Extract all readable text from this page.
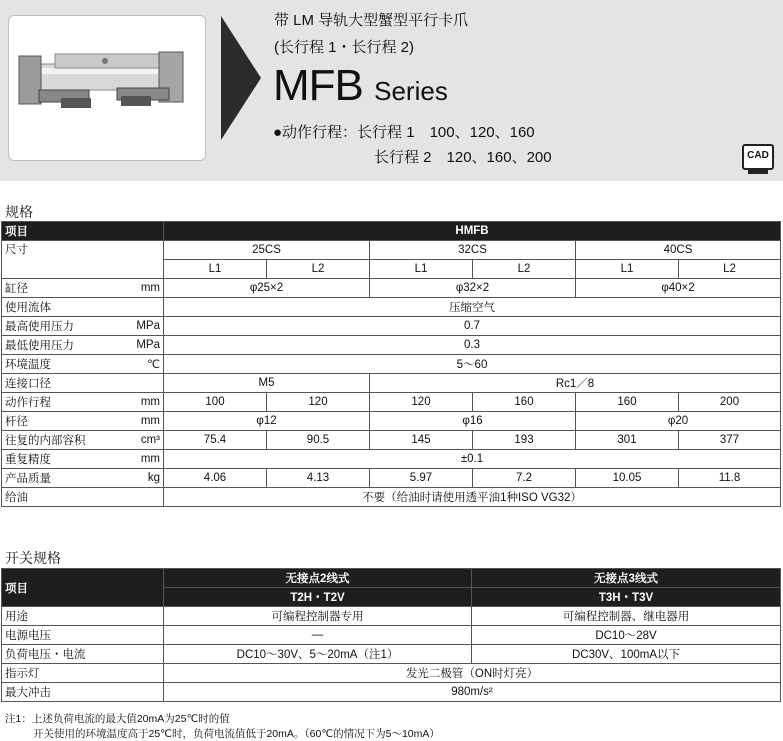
带 LM 导轨大型蟹型平行卡爪
(长行程 1・长行程 2)
MFB Series
●动作行程：长行程 1　100、120、160
长行程 2　120、160、200	CAD
规格
项目		HMFB					
尺寸		25CS		32CS		40CS	
		L1	L2	L1	L2	L1	L2
缸径	mm	φ25×2		φ32×2		φ40×2	
使用流体		压缩空气					
最高使用压力	MPa	0.7					
最低使用压力	MPa	0.3					
环境温度	℃	5～60					
连接口径		M5		Rc1／8			
动作行程	mm	100	120	120	160	160	200
杆径	mm	φ12		φ16		φ20	
往复的内部容积	cm³	75.4	90.5	145	193	301	377
重复精度	mm	±0.1					
产品质量	kg	4.06	4.13	5.97	7.2	10.05	11.8
给油		不要（给油时请使用透平油1种ISO VG32）					
开关规格
项目	无接点2线式	无接点3线式
	T2H・T2V	T3H・T3V
用途	可编程控制器专用	可编程控制器、继电器用
电源电压	—	DC10～28V
负荷电压・电流	DC10～30V、5～20mA（注1）	DC30V、100mA以下
指示灯	发光二极管（ON时灯亮）	
最大冲击	980m/s²	
注1：上述负荷电流的最大值20mA为25℃时的值
开关使用的环境温度高于25℃时，负荷电流值低于20mA。（60℃的情况下为5～10mA）
